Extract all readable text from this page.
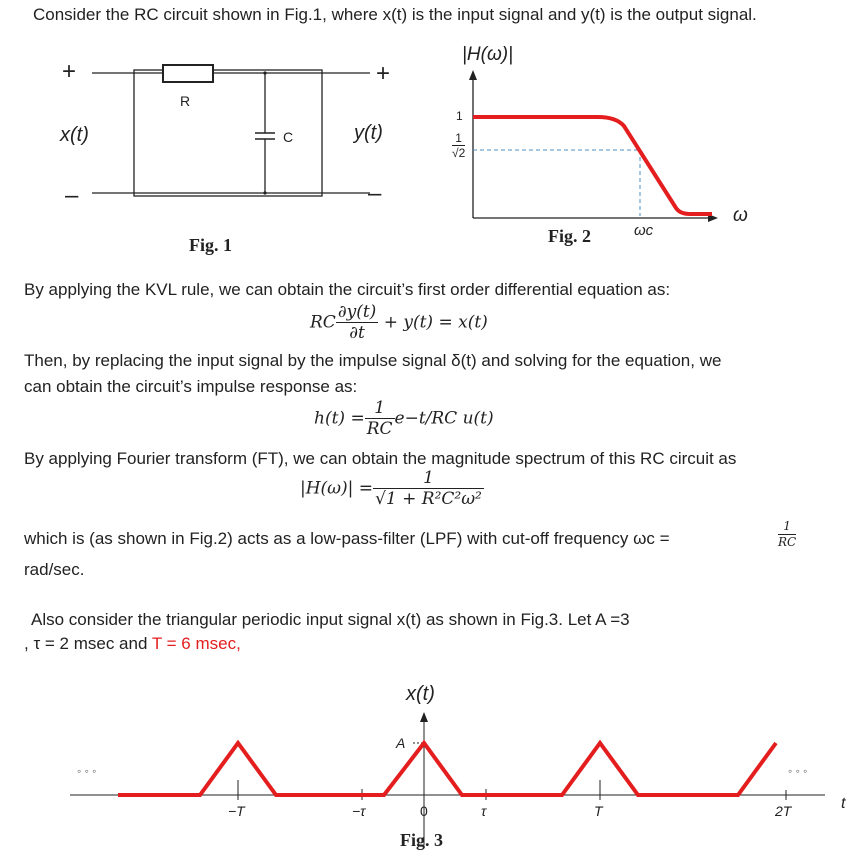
Consider the RC circuit shown in Fig.1, where x(t) is the input signal and y(t) is the output signal.
+	+
–	–
R
C
x(t)	y(t)
Fig. 1
|H(ω)|
1
$\frac{1}{√2}$
ω
ωc
Fig. 2
By applying the KVL rule, we can obtain the circuit’s first order differential equation as:
RC $\frac{\partial y(t)}{\partial t} + y(t) = x(t)$
Then, by replacing the input signal by the impulse signal δ(t) and solving for the equation, we
can obtain the circuit’s impulse response as:
$h(t) = \frac{1}{RC} e-t/RC$ u(t)
By applying Fourier transform (FT), we can obtain the magnitude spectrum of this RC circuit as
$|H(\omega)| = \frac{1}{\text{√1 + R²C²ω²}}$
which is (as shown in Fig.2) acts as a low-pass-filter (LPF) with cut-off frequency ωc =	$\frac{1}{RC}$
rad/sec.
Also consider the triangular periodic input signal x(t) as shown in Fig.3. Let A =3
, τ = 2 msec and T = 6 msec,
x(t)
A
◦ ◦ ◦	◦ ◦ ◦
−T	−τ	0	τ	T	2T	t
Fig. 3
